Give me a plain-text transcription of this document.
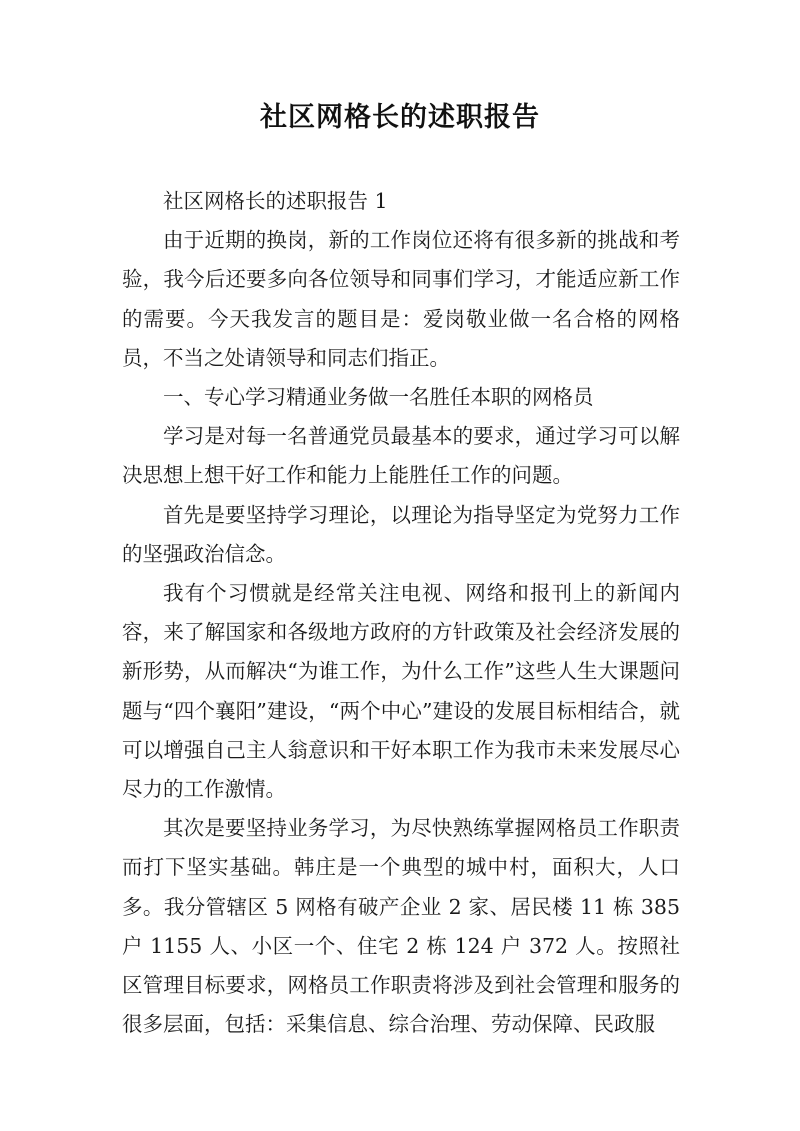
社区网格长的述职报告

社区网格长的述职报告 1

由于近期的换岗，新的工作岗位还将有很多新的挑战和考验，我今后还要多向各位领导和同事们学习，才能适应新工作的需要。今天我发言的题目是：爱岗敬业做一名合格的网格员，不当之处请领导和同志们指正。

一、专心学习精通业务做一名胜任本职的网格员

学习是对每一名普通党员最基本的要求，通过学习可以解决思想上想干好工作和能力上能胜任工作的问题。

首先是要坚持学习理论，以理论为指导坚定为党努力工作的坚强政治信念。

我有个习惯就是经常关注电视、网络和报刊上的新闻内容，来了解国家和各级地方政府的方针政策及社会经济发展的新形势，从而解决“为谁工作，为什么工作”这些人生大课题问题与“四个襄阳”建设，“两个中心”建设的发展目标相结合，就可以增强自己主人翁意识和干好本职工作为我市未来发展尽心尽力的工作激情。

其次是要坚持业务学习，为尽快熟练掌握网格员工作职责而打下坚实基础。韩庄是一个典型的城中村，面积大，人口多。我分管辖区 5 网格有破产企业 2 家、居民楼 11 栋 385 户 1155 人、小区一个、住宅 2 栋 124 户 372 人。按照社区管理目标要求，网格员工作职责将涉及到社会管理和服务的很多层面，包括：采集信息、综合治理、劳动保障、民政服
